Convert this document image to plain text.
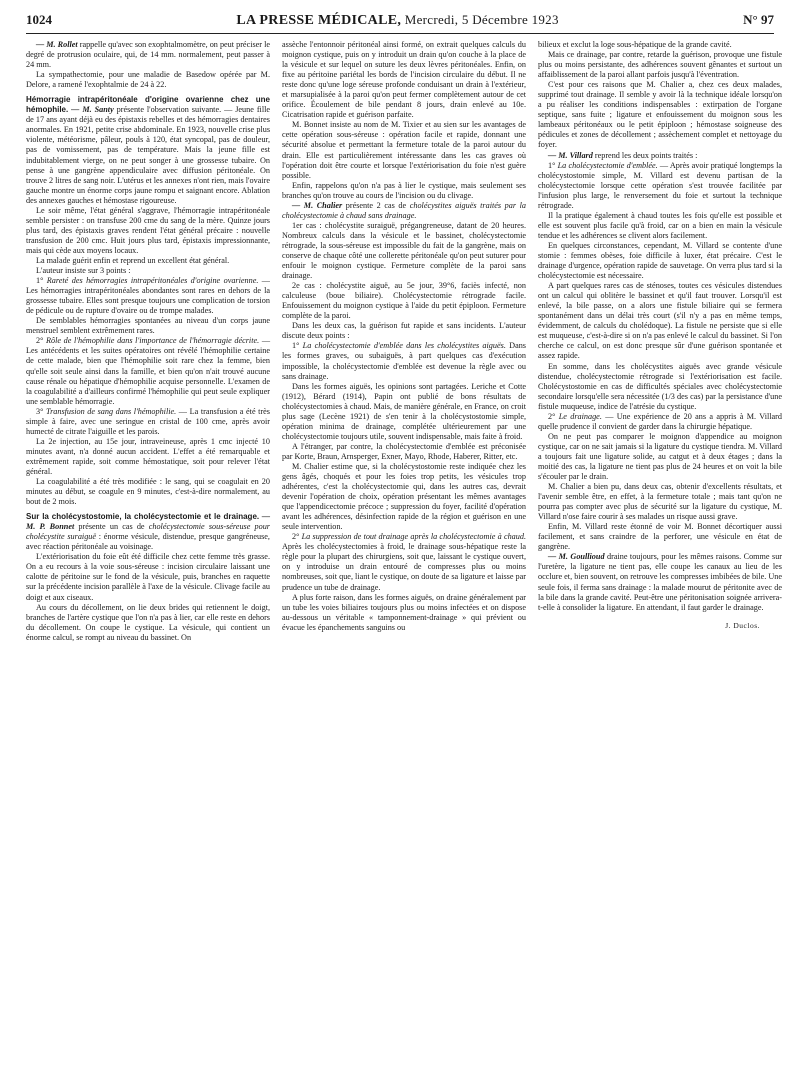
1024	LA PRESSE MÉDICALE, Mercredi, 5 Décembre 1923	N° 97

— M. Rollet rappelle qu'avec son exophtalmomètre, on peut préciser le degré de protrusion oculaire, qui, de 14 mm. normalement, peut passer à 24 mm.

La sympathectomie, pour une maladie de Basedow opérée par M. Delore, a ramené l'exophtalmie de 24 à 22.

Hémorragie intrapéritonéale d'origine ovarienne chez une hémophile. — M. Santy présente l'observation suivante. — Jeune fille de 17 ans ayant déjà eu des épistaxis rebelles et des hémorragies dentaires anormales. En 1921, petite crise abdominale. En 1923, nouvelle crise plus violente, météorisme, pâleur, pouls à 120, état syncopal, pas de douleur, pas de vomissement, pas de température. Mais la jeune fille est indubitablement vierge, on ne peut songer à une grossesse tubaire. On pense à une gangrène appendiculaire avec diffusion péritonéale. On trouve 2 litres de sang noir. L'utérus et les annexes n'ont rien, mais l'ovaire gauche montre un énorme corps jaune rompu et saignant encore. Ablation des annexes gauches et hémostase rigoureuse.

Le soir même, l'état général s'aggrave, l'hémorragie intrapéritonéale semble persister : on transfuse 200 cme du sang de la mère. Quinze jours plus tard, des épistaxis graves rendent l'état général précaire : nouvelle transfusion de 200 cmc. Huit jours plus tard, épistaxis impressionnante, mais qui cède aux moyens locaux.

La malade guérit enfin et reprend un excellent état général.

L'auteur insiste sur 3 points :

1° Rareté des hémorragies intrapéritonéales d'origine ovarienne. — Les hémorragies intrapéritonéales abondantes sont rares en dehors de la grossesse tubaire. Elles sont presque toujours une complication de torsion de pédicule ou de rupture d'ovaire ou de trompe malades.

De semblables hémorragies spontanées au niveau d'un corps jaune menstruel semblent extrêmement rares.

2° Rôle de l'hémophilie dans l'importance de l'hémorragie décrite. — Les antécédents et les suites opératoires ont révélé l'hémophilie certaine de cette malade, bien que l'hémophilie soit rare chez la femme, bien qu'elle soit seule ainsi dans la famille, et bien qu'on n'ait trouvé aucune cause rénale ou hépatique d'hémophilie acquise personnelle. L'examen de la coagulabilité a d'ailleurs confirmé l'hémophilie qui peut seule expliquer une semblable hémorragie.

3° Transfusion de sang dans l'hémophilie. — La transfusion a été très simple à faire, avec une seringue en cristal de 100 cme, après avoir humecté de citrate l'aiguille et les parois.

La 2e injection, au 15e jour, intraveineuse, après 1 cmc injecté 10 minutes avant, n'a donné aucun accident. L'effet a été remarquable et extrêmement rapide, soit comme hémostatique, soit pour relever l'état général.

La coagulabilité a été très modifiée : le sang, qui se coagulait en 20 minutes au début, se coagule en 9 minutes, c'est-à-dire normalement, au bout de 2 mois.

Sur la cholécystostomie, la cholécystectomie et le drainage. — M. P. Bonnet présente un cas de cholécystectomie sous-séreuse pour cholécystite suraiguë : énorme vésicule, distendue, presque gangréneuse, avec réaction péritonéale au voisinage.

L'extériorisation du foie eût été difficile chez cette femme très grasse. On a eu recours à la voie sous-séreuse : incision circulaire laissant une calotte de péritoine sur le fond de la vésicule, puis, branches en raquette sur la précédente incision parallèle à l'axe de la vésicule. Clivage facile au doigt et aux ciseaux.

Au cours du décollement, on lie deux brides qui retiennent le doigt, branches de l'artère cystique que l'on n'a pas à lier, car elle reste en dehors du décollement. On coupe le cystique. La vésicule, qui contient un énorme calcul, se rompt au niveau du bassinet. On

assèche l'entonnoir péritonéal ainsi formé, on extrait quelques calculs du moignon cystique, puis on y introduit un drain qu'on couche à la place de la vésicule et sur lequel on suture les deux lèvres péritonéales. Enfin, on fixe au péritoine pariétal les bords de l'incision circulaire du début. Il ne reste donc qu'une loge séreuse profonde conduisant un drain à l'extérieur, et marsupialisée à la paroi qu'on peut fermer complètement autour de cet orifice. Écoulement de bile pendant 8 jours, drain enlevé au 10e. Cicatrisation rapide et guérison parfaite.

M. Bonnet insiste au nom de M. Tixier et au sien sur les avantages de cette opération sous-séreuse : opération facile et rapide, donnant une sécurité absolue et permettant la fermeture totale de la paroi autour du drain. Elle est particulièrement intéressante dans les cas graves où l'opération doit être courte et lorsque l'extériorisation du foie n'est guère possible.

Enfin, rappelons qu'on n'a pas à lier le cystique, mais seulement ses branches qu'on trouve au cours de l'incision ou du clivage.

— M. Chalier présente 2 cas de cholécystites aiguës traités par la cholécystectomie à chaud sans drainage.

1er cas : cholécystite suraiguë, prégangreneuse, datant de 20 heures. Nombreux calculs dans la vésicule et le bassinet, cholécystectomie rétrograde, la sous-séreuse est impossible du fait de la gangrène, mais on conserve de chaque côté une collerette péritonéale qu'on peut suturer pour enfouir le moignon cystique. Fermeture complète de la paroi sans drainage.

2e cas : cholécystite aiguë, au 5e jour, 39°6, faciès infecté, non calculeuse (boue biliaire). Cholécystectomie rétrograde facile. Enfouissement du moignon cystique à l'aide du petit épiploon. Fermeture complète de la paroi.

Dans les deux cas, la guérison fut rapide et sans incidents. L'auteur discute deux points :

1° La cholécystectomie d'emblée dans les cholécystites aiguës. Dans les formes graves, ou subaiguës, à part quelques cas d'exécution impossible, la cholécystectomie d'emblée est devenue la règle avec ou sans drainage.

Dans les formes aiguës, les opinions sont partagées. Leriche et Cotte (1912), Bérard (1914), Papin ont publié de bons résultats de cholécystectomies à chaud. Mais, de manière générale, en France, on croit plus sage (Lecène 1921) de s'en tenir à la cholécystostomie simple, opération minima de drainage, complétée ultérieurement par une cholécystectomie toujours utile, souvent indispensable, mais faite à froid.

A l'étranger, par contre, la cholécystectomie d'emblée est préconisée par Korte, Braun, Arnsperger, Exner, Mayo, Rhode, Haberer, Ritter, etc.

M. Chalier estime que, si la cholécystostomie reste indiquée chez les gens âgés, choqués et pour les foies trop petits, les vésicules trop adhérentes, c'est la cholécystectomie qui, dans les autres cas, devrait devenir l'opération de choix, opération présentant les mêmes avantages que l'appendicectomie précoce ; suppression du foyer, facilité d'opération avant les adhérences, désinfection rapide de la région et guérison en une seule intervention.

2° La suppression de tout drainage après la cholécystectomie à chaud. Après les cholécystectomies à froid, le drainage sous-hépatique reste la règle pour la plupart des chirurgiens, soit que, laissant le cystique ouvert, on y introduise un drain entouré de compresses plus ou moins nombreuses, soit que, liant le cystique, on doute de sa ligature et laisse par prudence un tube de drainage.

A plus forte raison, dans les formes aiguës, on draine généralement par un tube les voies biliaires toujours plus ou moins infectées et on dispose au-dessous un véritable « tamponnement-drainage » qui prévient ou évacue les épanchements sanguins ou

bilieux et exclut la loge sous-hépatique de la grande cavité.

Mais ce drainage, par contre, retarde la guérison, provoque une fistule plus ou moins persistante, des adhérences souvent gênantes et surtout un affaiblissement de la paroi allant parfois jusqu'à l'éventration.

C'est pour ces raisons que M. Chalier a, chez ces deux malades, supprimé tout drainage. Il semble y avoir là la technique idéale lorsqu'on a pu réaliser les conditions indispensables : extirpation de l'organe septique, sans fuite ; ligature et enfouissement du moignon sous les lambeaux péritonéaux ou le petit épiploon ; hémostase soigneuse des pédicules et zones de décollement ; assèchement complet et nettoyage du foyer.

— M. Villard reprend les deux points traités :

1° La cholécystectomie d'emblée. — Après avoir pratiqué longtemps la cholécystostomie simple, M. Villard est devenu partisan de la cholécystectomie lorsque cette opération s'est trouvée facilitée par l'infusion plus large, le renversement du foie et surtout la technique rétrograde.

Il la pratique également à chaud toutes les fois qu'elle est possible et elle est souvent plus facile qu'à froid, car on a bien en main la vésicule tendue et les adhérences se clivent alors facilement.

En quelques circonstances, cependant, M. Villard se contente d'une stomie : femmes obèses, foie difficile à luxer, état précaire. C'est le drainage d'urgence, opération rapide de sauvetage. On verra plus tard si la cholécystectomie est nécessaire.

A part quelques rares cas de sténoses, toutes ces vésicules distendues ont un calcul qui oblitère le bassinet et qu'il faut trouver. Lorsqu'il est enlevé, la bile passe, on a alors une fistule biliaire qui se fermera spontanément dans un délai très court (s'il n'y a pas en même temps, évidemment, de calculs du cholédoque). La fistule ne persiste que si elle est muqueuse, c'est-à-dire si on n'a pas enlevé le calcul du bassinet. Si l'on cherche ce calcul, on est donc presque sûr d'une guérison spontanée et assez rapide.

En somme, dans les cholécystites aiguës avec grande vésicule distendue, cholécystectomie rétrograde si l'extériorisation est facile. Cholécystostomie en cas de difficultés spéciales avec cholécystectomie secondaire lorsqu'elle sera nécessitée (1/3 des cas) par la persistance d'une fistule muqueuse, indice de l'atrésie du cystique.

2° Le drainage. — Une expérience de 20 ans a appris à M. Villard quelle prudence il convient de garder dans la chirurgie hépatique.

On ne peut pas comparer le moignon d'appendice au moignon cystique, car on ne sait jamais si la ligature du cystique tiendra. M. Villard a toujours fait une ligature solide, au catgut et à deux étages ; dans la moitié des cas, la ligature ne tient pas plus de 24 heures et on voit la bile s'écouler par le drain.

M. Chalier a bien pu, dans deux cas, obtenir d'excellents résultats, et l'avenir semble être, en effet, à la fermeture totale ; mais tant qu'on ne pourra pas compter avec plus de sécurité sur la ligature du cystique, M. Villard n'ose faire courir à ses malades un risque aussi grave.

Enfin, M. Villard reste étonné de voir M. Bonnet décortiquer aussi facilement, et sans craindre de la perforer, une vésicule en état de gangrène.

— M. Goullioud draine toujours, pour les mêmes raisons. Comme sur l'uretère, la ligature ne tient pas, elle coupe les canaux au lieu de les occlure et, bien souvent, on retrouve les compresses imbibées de bile. Une seule fois, il ferma sans drainage : la malade mourut de péritonite avec de la bile dans la grande cavité. Peut-être une péritonisation soignée arrivera-t-elle à consolider la ligature. En attendant, il faut garder le drainage.

J. Duclos.
